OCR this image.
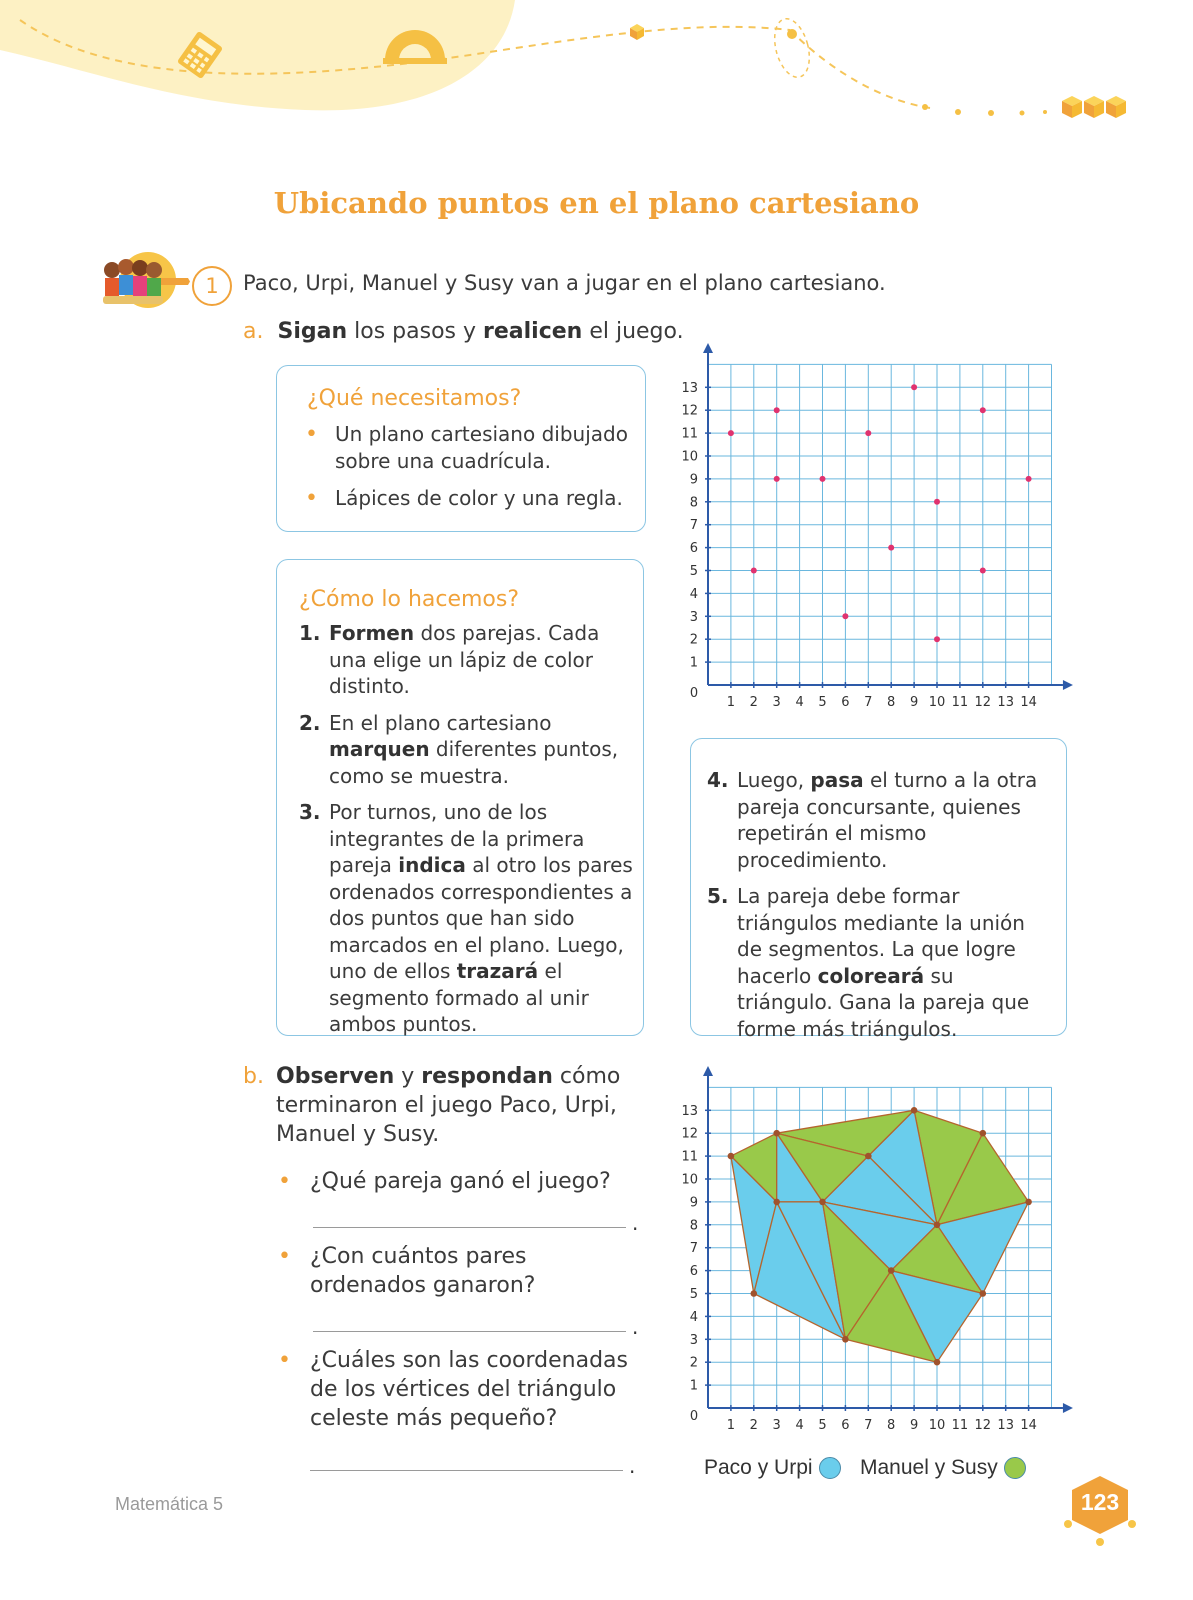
Ubicando puntos en el plano cartesiano
1	Paco, Urpi, Manuel y Susy van a jugar en el plano cartesiano.
a. Sigan los pasos y realicen el juego.
¿Qué necesitamos?
• Un plano cartesiano dibujado sobre una cuadrícula.
• Lápices de color y una regla.
¿Cómo lo hacemos?
1. Formen dos parejas. Cada una elige un lápiz de color distinto.
2. En el plano cartesiano marquen diferentes puntos, como se muestra.
3. Por turnos, uno de los integrantes de la primera pareja indica al otro los pares ordenados correspondientes a dos puntos que han sido marcados en el plano. Luego, uno de ellos trazará el segmento formado al unir ambos puntos.
4. Luego, pasa el turno a la otra pareja concursante, quienes repetirán el mismo procedimiento.
5. La pareja debe formar triángulos mediante la unión de segmentos. La que logre hacerlo coloreará su triángulo. Gana la pareja que forme más triángulos.
1 2 3 4 5 6 7 8 9 10 11 12 13 14
1
2
3
4
5
6
7
8
9
10
11
12
13
0
b. Observen y respondan cómo terminaron el juego Paco, Urpi, Manuel y Susy.
• ¿Qué pareja ganó el juego?
.
• ¿Con cuántos pares ordenados ganaron?
.
• ¿Cuáles son las coordenadas de los vértices del triángulo celeste más pequeño?
.
1 2 3 4 5 6 7 8 9 10 11 12 13 14
1
2
3
4
5
6
7
8
9
10
11
12
13
0
Paco y Urpi Manuel y Susy
Matemática 5	123
